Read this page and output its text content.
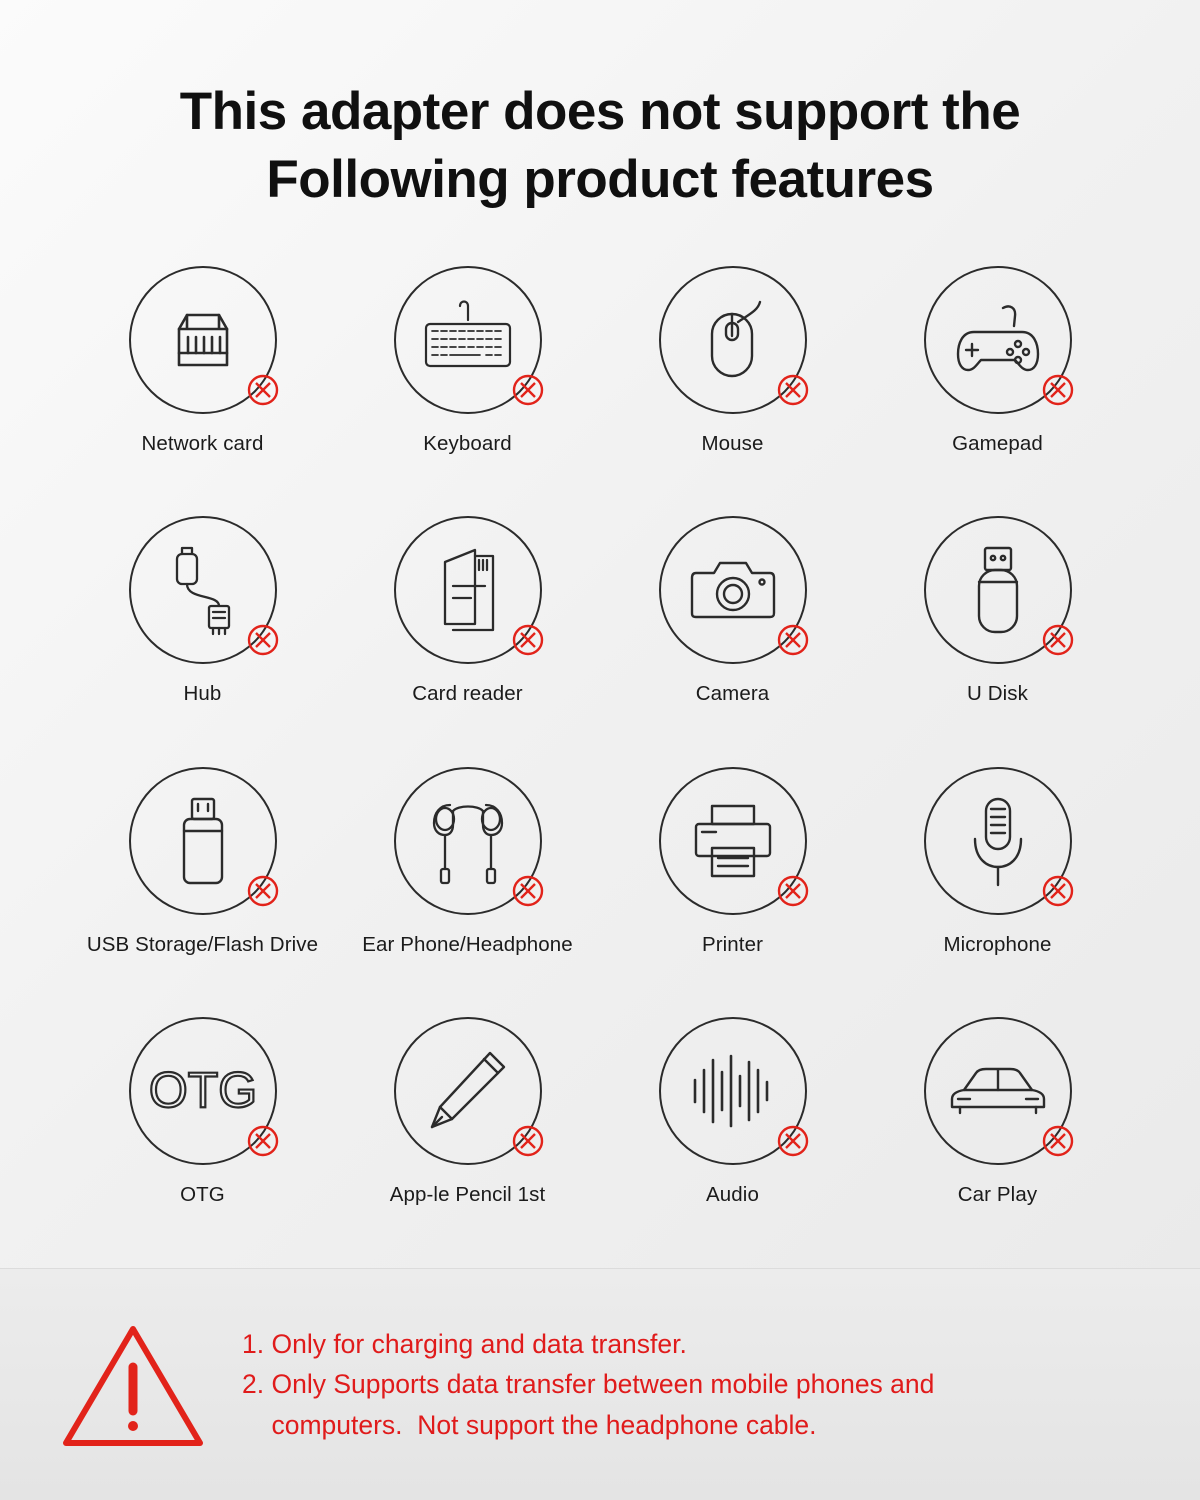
This adapter does not support the
Following product features
Network card	Keyboard	Mouse	Gamepad
Hub	Card reader	Camera	U Disk
USB Storage/Flash Drive Ear Phone/Headphone	Printer	Microphone
OTG
OTG	App-le Pencil 1st	Audio	Car Play
1. Only for charging and data transfer.
2. Only Supports data transfer between mobile phones and
computers.  Not support the headphone cable.
